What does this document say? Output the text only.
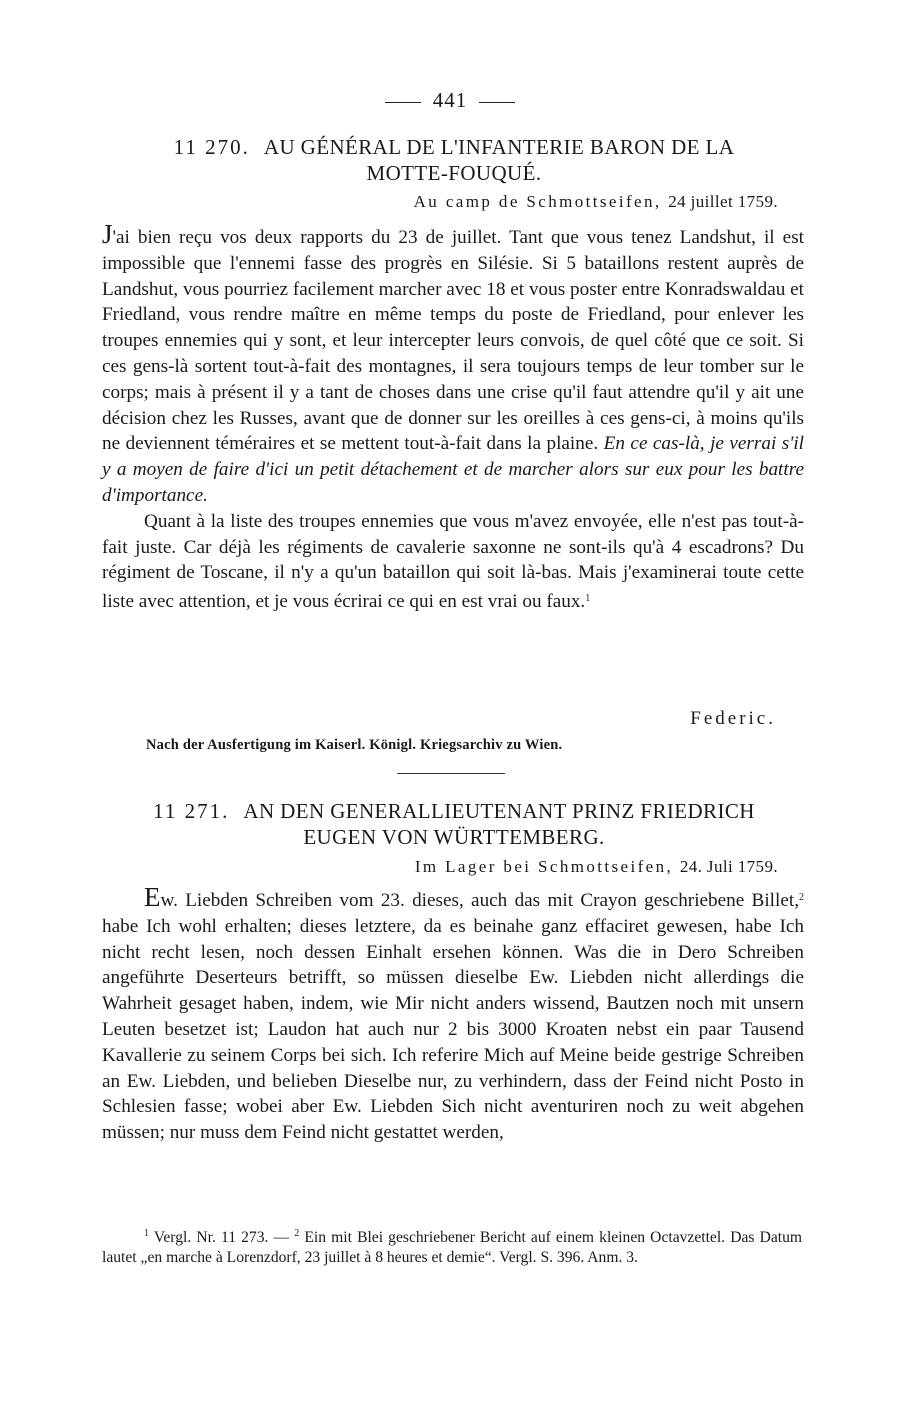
441
11 270. AU GÉNÉRAL DE L'INFANTERIE BARON DE LA
MOTTE-FOUQUÉ.
Au camp de Schmottseifen, 24 juillet 1759.

J'ai bien reçu vos deux rapports du 23 de juillet. Tant que vous tenez Landshut, il est impossible que l'ennemi fasse des progrès en Silésie. Si 5 bataillons restent auprès de Landshut, vous pourriez facilement marcher avec 18 et vous poster entre Konradswaldau et Friedland, vous rendre maître en même temps du poste de Friedland, pour enlever les troupes ennemies qui y sont, et leur intercepter leurs convois, de quel côté que ce soit. Si ces gens-là sortent tout-à-fait des montagnes, il sera toujours temps de leur tomber sur le corps; mais à présent il y a tant de choses dans une crise qu'il faut attendre qu'il y ait une décision chez les Russes, avant que de donner sur les oreilles à ces gens-ci, à moins qu'ils ne deviennent téméraires et se mettent tout-à-fait dans la plaine. En ce cas-là, je verrai s'il y a moyen de faire d'ici un petit détachement et de marcher alors sur eux pour les battre d'importance.

Quant à la liste des troupes ennemies que vous m'avez envoyée, elle n'est pas tout-à-fait juste. Car déjà les régiments de cavalerie saxonne ne sont-ils qu'à 4 escadrons? Du régiment de Toscane, il n'y a qu'un bataillon qui soit là-bas. Mais j'examinerai toute cette liste avec attention, et je vous écrirai ce qui en est vrai ou faux.$^1$

Federic.
Nach der Ausfertigung im Kaiserl. Königl. Kriegsarchiv zu Wien.
11 271. AN DEN GENERALLIEUTENANT PRINZ FRIEDRICH
EUGEN VON WÜRTTEMBERG.
Im Lager bei Schmottseifen, 24. Juli 1759.

Ew. Liebden Schreiben vom 23. dieses, auch das mit Crayon geschriebene Billet,$^2$ habe Ich wohl erhalten; dieses letztere, da es beinahe ganz effaciret gewesen, habe Ich nicht recht lesen, noch dessen Einhalt ersehen können. Was die in Dero Schreiben angeführte Deserteurs betrifft, so müssen dieselbe Ew. Liebden nicht allerdings die Wahrheit gesaget haben, indem, wie Mir nicht anders wissend, Bautzen noch mit unsern Leuten besetzet ist; Laudon hat auch nur 2 bis 3000 Kroaten nebst ein paar Tausend Kavallerie zu seinem Corps bei sich. Ich referire Mich auf Meine beide gestrige Schreiben an Ew. Liebden, und belieben Dieselbe nur, zu verhindern, dass der Feind nicht Posto in Schlesien fasse; wobei aber Ew. Liebden Sich nicht aventuriren noch zu weit abgehen müssen; nur muss dem Feind nicht gestattet werden,

$^1$ Vergl. Nr. 11 273. — $^2$ Ein mit Blei geschriebener Bericht auf einem kleinen Octavzettel. Das Datum lautet „en marche à Lorenzdorf, 23 juillet à 8 heures et demie“. Vergl. S. 396. Anm. 3.
